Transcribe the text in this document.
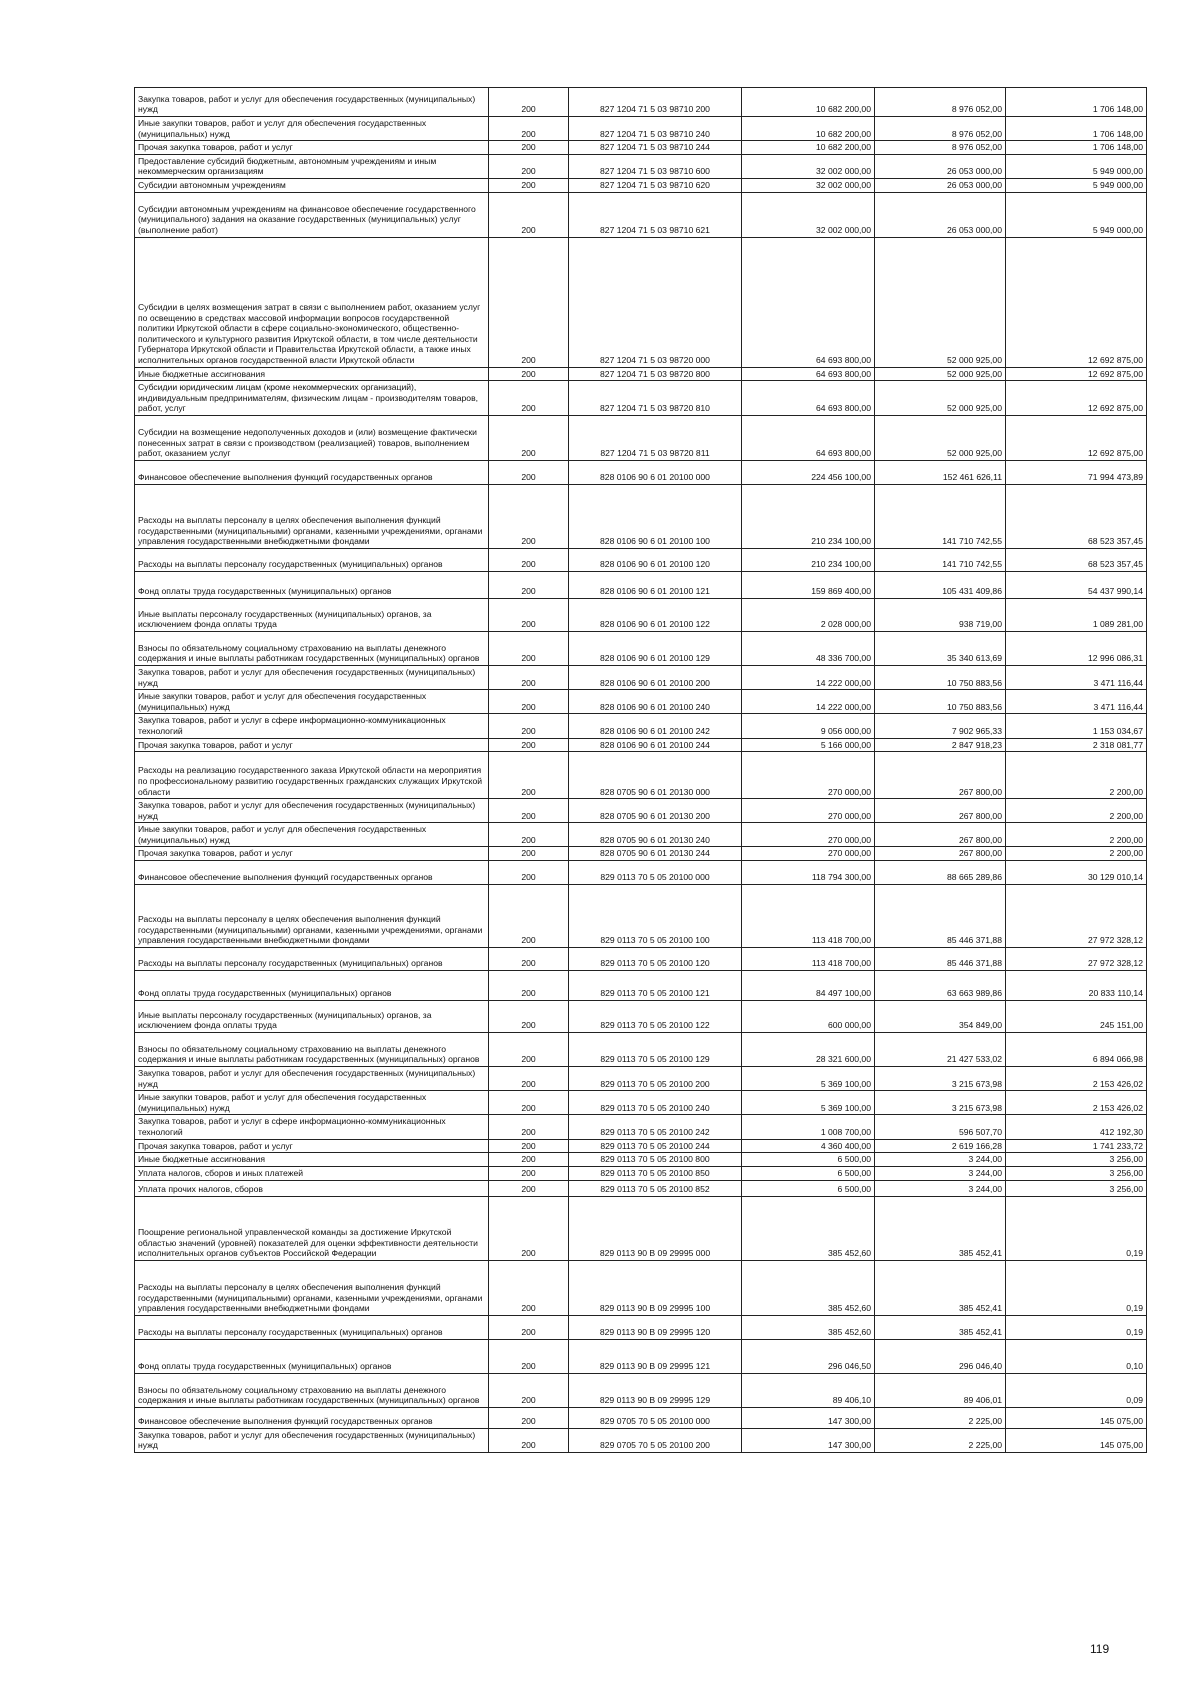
Закупка товаров, работ и услуг для обеспечения государственных (муниципальных) нужд	200	827 1204 71 5 03 98710 200	10 682 200,00	8 976 052,00	1 706 148,00
Иные закупки товаров, работ и услуг для обеспечения государственных (муниципальных) нужд	200	827 1204 71 5 03 98710 240	10 682 200,00	8 976 052,00	1 706 148,00
Прочая закупка товаров, работ и услуг	200	827 1204 71 5 03 98710 244	10 682 200,00	8 976 052,00	1 706 148,00
Предоставление субсидий бюджетным, автономным учреждениям и иным некоммерческим организациям	200	827 1204 71 5 03 98710 600	32 002 000,00	26 053 000,00	5 949 000,00
Субсидии автономным учреждениям	200	827 1204 71 5 03 98710 620	32 002 000,00	26 053 000,00	5 949 000,00
Субсидии автономным учреждениям на финансовое обеспечение государственного (муниципального) задания на оказание государственных (муниципальных) услуг (выполнение работ)	200	827 1204 71 5 03 98710 621	32 002 000,00	26 053 000,00	5 949 000,00
Субсидии в целях возмещения затрат в связи с выполнением работ, оказанием услуг по освещению в средствах массовой информации вопросов государственной политики Иркутской области в сфере социально-экономического, общественно-политического и культурного развития Иркутской области, в том числе деятельности Губернатора Иркутской области и Правительства Иркутской области, а также иных исполнительных органов государственной власти Иркутской области	200	827 1204 71 5 03 98720 000	64 693 800,00	52 000 925,00	12 692 875,00
Иные бюджетные ассигнования	200	827 1204 71 5 03 98720 800	64 693 800,00	52 000 925,00	12 692 875,00
Субсидии юридическим лицам (кроме некоммерческих организаций), индивидуальным предпринимателям, физическим лицам - производителям товаров, работ, услуг	200	827 1204 71 5 03 98720 810	64 693 800,00	52 000 925,00	12 692 875,00
Субсидии на возмещение недополученных доходов и (или) возмещение фактически понесенных затрат в связи с производством (реализацией) товаров, выполнением работ, оказанием услуг	200	827 1204 71 5 03 98720 811	64 693 800,00	52 000 925,00	12 692 875,00
Финансовое обеспечение выполнения функций государственных органов	200	828 0106 90 6 01 20100 000	224 456 100,00	152 461 626,11	71 994 473,89
Расходы на выплаты персоналу в целях обеспечения выполнения функций государственными (муниципальными) органами, казенными учреждениями, органами управления государственными внебюджетными фондами	200	828 0106 90 6 01 20100 100	210 234 100,00	141 710 742,55	68 523 357,45
Расходы на выплаты персоналу государственных (муниципальных) органов	200	828 0106 90 6 01 20100 120	210 234 100,00	141 710 742,55	68 523 357,45
Фонд оплаты труда государственных (муниципальных) органов	200	828 0106 90 6 01 20100 121	159 869 400,00	105 431 409,86	54 437 990,14
Иные выплаты персоналу государственных (муниципальных) органов, за исключением фонда оплаты труда	200	828 0106 90 6 01 20100 122	2 028 000,00	938 719,00	1 089 281,00
Взносы по обязательному социальному страхованию на выплаты денежного содержания и иные выплаты работникам государственных (муниципальных) органов	200	828 0106 90 6 01 20100 129	48 336 700,00	35 340 613,69	12 996 086,31
Закупка товаров, работ и услуг для обеспечения государственных (муниципальных) нужд	200	828 0106 90 6 01 20100 200	14 222 000,00	10 750 883,56	3 471 116,44
Иные закупки товаров, работ и услуг для обеспечения государственных (муниципальных) нужд	200	828 0106 90 6 01 20100 240	14 222 000,00	10 750 883,56	3 471 116,44
Закупка товаров, работ и услуг в сфере информационно-коммуникационных технологий	200	828 0106 90 6 01 20100 242	9 056 000,00	7 902 965,33	1 153 034,67
Прочая закупка товаров, работ и услуг	200	828 0106 90 6 01 20100 244	5 166 000,00	2 847 918,23	2 318 081,77
Расходы на реализацию государственного заказа Иркутской области на мероприятия по профессиональному развитию государственных гражданских служащих Иркутской области	200	828 0705 90 6 01 20130 000	270 000,00	267 800,00	2 200,00
Закупка товаров, работ и услуг для обеспечения государственных (муниципальных) нужд	200	828 0705 90 6 01 20130 200	270 000,00	267 800,00	2 200,00
Иные закупки товаров, работ и услуг для обеспечения государственных (муниципальных) нужд	200	828 0705 90 6 01 20130 240	270 000,00	267 800,00	2 200,00
Прочая закупка товаров, работ и услуг	200	828 0705 90 6 01 20130 244	270 000,00	267 800,00	2 200,00
Финансовое обеспечение выполнения функций государственных органов	200	829 0113 70 5 05 20100 000	118 794 300,00	88 665 289,86	30 129 010,14
Расходы на выплаты персоналу в целях обеспечения выполнения функций государственными (муниципальными) органами, казенными учреждениями, органами управления государственными внебюджетными фондами	200	829 0113 70 5 05 20100 100	113 418 700,00	85 446 371,88	27 972 328,12
Расходы на выплаты персоналу государственных (муниципальных) органов	200	829 0113 70 5 05 20100 120	113 418 700,00	85 446 371,88	27 972 328,12
Фонд оплаты труда государственных (муниципальных) органов	200	829 0113 70 5 05 20100 121	84 497 100,00	63 663 989,86	20 833 110,14
Иные выплаты персоналу государственных (муниципальных) органов, за исключением фонда оплаты труда	200	829 0113 70 5 05 20100 122	600 000,00	354 849,00	245 151,00
Взносы по обязательному социальному страхованию на выплаты денежного содержания и иные выплаты работникам государственных (муниципальных) органов	200	829 0113 70 5 05 20100 129	28 321 600,00	21 427 533,02	6 894 066,98
Закупка товаров, работ и услуг для обеспечения государственных (муниципальных) нужд	200	829 0113 70 5 05 20100 200	5 369 100,00	3 215 673,98	2 153 426,02
Иные закупки товаров, работ и услуг для обеспечения государственных (муниципальных) нужд	200	829 0113 70 5 05 20100 240	5 369 100,00	3 215 673,98	2 153 426,02
Закупка товаров, работ и услуг в сфере информационно-коммуникационных технологий	200	829 0113 70 5 05 20100 242	1 008 700,00	596 507,70	412 192,30
Прочая закупка товаров, работ и услуг	200	829 0113 70 5 05 20100 244	4 360 400,00	2 619 166,28	1 741 233,72
Иные бюджетные ассигнования	200	829 0113 70 5 05 20100 800	6 500,00	3 244,00	3 256,00
Уплата налогов, сборов и иных платежей	200	829 0113 70 5 05 20100 850	6 500,00	3 244,00	3 256,00
Уплата прочих налогов, сборов	200	829 0113 70 5 05 20100 852	6 500,00	3 244,00	3 256,00
Поощрение региональной управленческой команды за достижение Иркутской областью значений (уровней) показателей для оценки эффективности деятельности исполнительных органов субъектов Российской Федерации	200	829 0113 90 В 09 29995 000	385 452,60	385 452,41	0,19
Расходы на выплаты персоналу в целях обеспечения выполнения функций государственными (муниципальными) органами, казенными учреждениями, органами управления государственными внебюджетными фондами	200	829 0113 90 В 09 29995 100	385 452,60	385 452,41	0,19
Расходы на выплаты персоналу государственных (муниципальных) органов	200	829 0113 90 В 09 29995 120	385 452,60	385 452,41	0,19
Фонд оплаты труда государственных (муниципальных) органов	200	829 0113 90 В 09 29995 121	296 046,50	296 046,40	0,10
Взносы по обязательному социальному страхованию на выплаты денежного содержания и иные выплаты работникам государственных (муниципальных) органов	200	829 0113 90 В 09 29995 129	89 406,10	89 406,01	0,09
Финансовое обеспечение выполнения функций государственных органов	200	829 0705 70 5 05 20100 000	147 300,00	2 225,00	145 075,00
Закупка товаров, работ и услуг для обеспечения государственных (муниципальных) нужд	200	829 0705 70 5 05 20100 200	147 300,00	2 225,00	145 075,00
119
